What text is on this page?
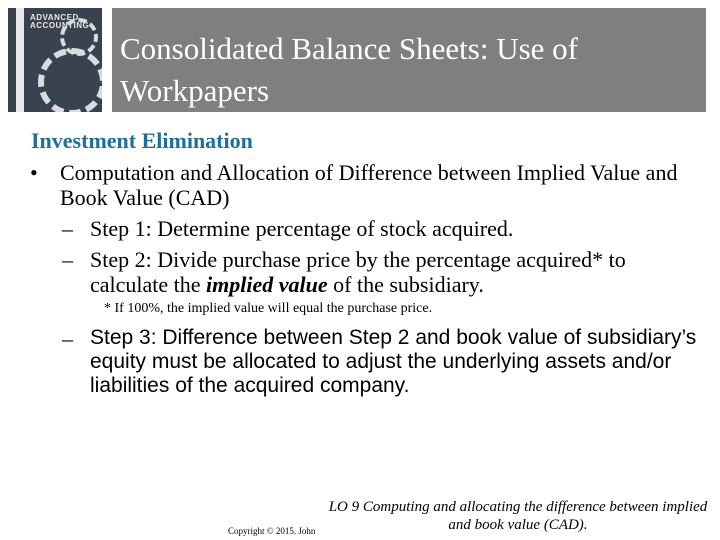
ADVANCED
ACCOUNTING
Consolidated Balance Sheets: Use of Workpapers
Investment Elimination
• Computation and Allocation of Difference between Implied Value and Book Value (CAD)
– Step 1: Determine percentage of stock acquired.
– Step 2: Divide purchase price by the percentage acquired* to calculate the implied value of the subsidiary.
* If 100%, the implied value will equal the purchase price.
– Step 3: Difference between Step 2 and book value of subsidiary’s equity must be allocated to adjust the underlying assets and/or liabilities of the acquired company.
LO 9 Computing and allocating the difference between implied and book value (CAD).
Copyright © 2015. John
